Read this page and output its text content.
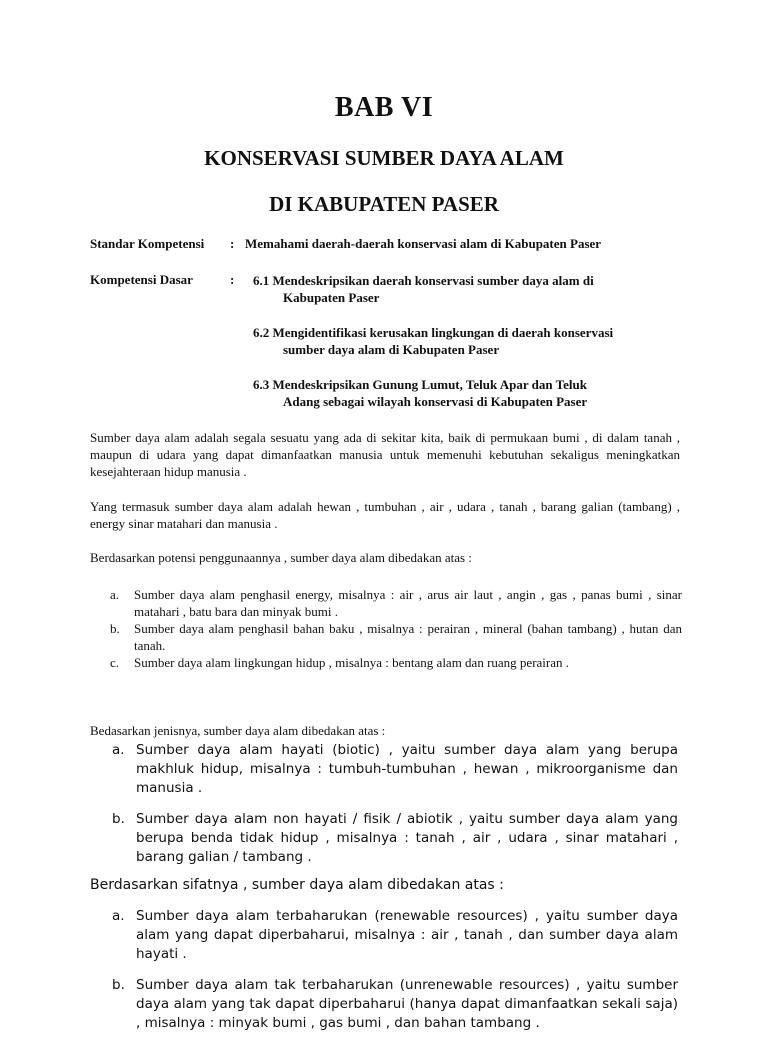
BAB VI
KONSERVASI SUMBER DAYA ALAM
DI KABUPATEN PASER
Standar Kompetensi : Memahami daerah-daerah konservasi alam di Kabupaten Paser
Kompetensi Dasar	: 6.1 Mendeskripsikan daerah konservasi sumber daya alam di
Kabupaten Paser
6.2 Mengidentifikasi kerusakan lingkungan di daerah konservasi
sumber daya alam di Kabupaten Paser
6.3 Mendeskripsikan Gunung Lumut, Teluk Apar dan Teluk
Adang sebagai wilayah konservasi di Kabupaten Paser
Sumber daya alam adalah segala sesuatu yang ada di sekitar kita, baik di permukaan bumi , di dalam tanah , maupun di udara yang dapat dimanfaatkan manusia untuk memenuhi kebutuhan sekaligus meningkatkan kesejahteraan hidup manusia .
Yang termasuk sumber daya alam adalah hewan , tumbuhan , air , udara , tanah , barang galian (tambang) , energy sinar matahari dan manusia .
Berdasarkan potensi penggunaannya , sumber daya alam dibedakan atas :
a. Sumber daya alam penghasil energy, misalnya : air , arus air laut , angin , gas , panas bumi , sinar matahari , batu bara dan minyak bumi .
b. Sumber daya alam penghasil bahan baku , misalnya : perairan , mineral (bahan tambang) , hutan dan tanah.
c. Sumber daya alam lingkungan hidup , misalnya : bentang alam dan ruang perairan .
Bedasarkan jenisnya, sumber daya alam dibedakan atas :
a. Sumber daya alam hayati (biotic) , yaitu sumber daya alam yang berupa makhluk hidup, misalnya : tumbuh-tumbuhan , hewan , mikroorganisme dan manusia .
b. Sumber daya alam non hayati / fisik / abiotik , yaitu sumber daya alam yang berupa benda tidak hidup , misalnya : tanah , air , udara , sinar matahari , barang galian / tambang .
Berdasarkan sifatnya , sumber daya alam dibedakan atas :
a. Sumber daya alam terbaharukan (renewable resources) , yaitu sumber daya alam yang dapat diperbaharui, misalnya : air , tanah , dan sumber daya alam hayati .
b. Sumber daya alam tak terbaharukan (unrenewable resources) , yaitu sumber daya alam yang tak dapat diperbaharui (hanya dapat dimanfaatkan sekali saja) , misalnya : minyak bumi , gas bumi , dan bahan tambang .
